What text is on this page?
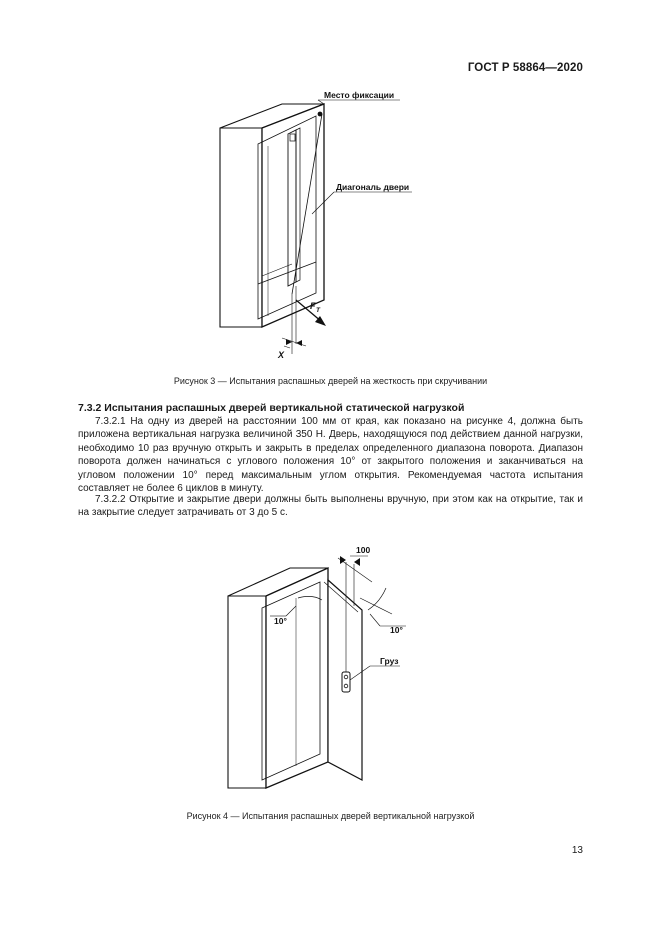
ГОСТ Р 58864—2020
Место фиксации
Диагональ двери
F T
X
Рисунок 3 — Испытания распашных дверей на жесткость при скручивании
7.3.2 Испытания распашных дверей вертикальной статической нагрузкой

7.3.2.1 На одну из дверей на расстоянии 100 мм от края, как показано на рисунке 4, должна быть приложена вертикальная нагрузка величиной 350 Н. Дверь, находящуюся под действием данной нагрузки, необходимо 10 раз вручную открыть и закрыть в пределах определенного диапазона поворота. Диапазон поворота должен начинаться с углового положения 10° от закрытого положения и заканчиваться на угловом положении 10° перед максимальным углом открытия. Рекомендуемая частота испытания составляет не более 6 циклов в минуту.

7.3.2.2 Открытие и закрытие двери должны быть выполнены вручную, при этом как на открытие, так и на закрытие следует затрачивать от 3 до 5 с.

100
10°
10°
Груз
Рисунок 4 — Испытания распашных дверей вертикальной нагрузкой
13
